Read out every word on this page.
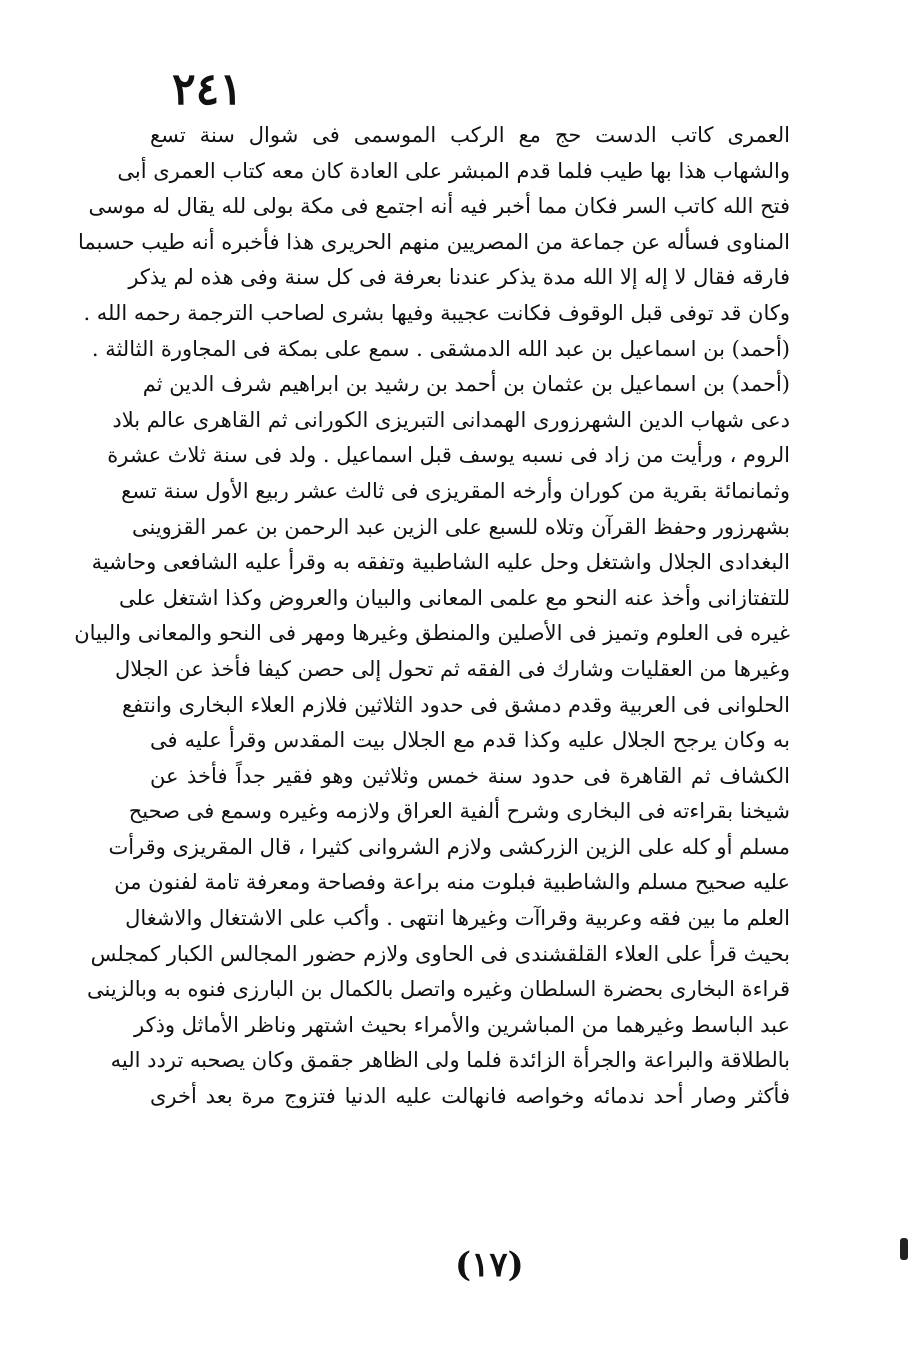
٢٤١
العمرى كاتب الدست حج مع الركب الموسمى فى شوال سنة تسع
والشهاب هذا بها طيب فلما قدم المبشر على العادة كان معه كتاب العمرى أبى
فتح الله كاتب السر فكان مما أخبر فيه أنه اجتمع فى مكة بولى لله يقال له موسى
المناوى فسأله عن جماعة من المصريين منهم الحريرى هذا فأخبره أنه طيب حسبما
فارقه فقال لا إله إلا الله مدة يذكر عندنا بعرفة فى كل سنة وفى هذه لم يذكر
وكان قد توفى قبل الوقوف فكانت عجيبة وفيها بشرى لصاحب الترجمة رحمه الله .
(أحمد) بن اسماعيل بن عبد الله الدمشقى . سمع على بمكة فى المجاورة الثالثة .
(أحمد) بن اسماعيل بن عثمان بن أحمد بن رشيد بن ابراهيم شرف الدين ثم
دعى شهاب الدين الشهرزورى الهمدانى التبريزى الكورانى ثم القاهرى عالم بلاد
الروم ، ورأيت من زاد فى نسبه يوسف قبل اسماعيل . ولد فى سنة ثلاث عشرة
وثمانمائة بقرية من كوران وأرخه المقريزى فى ثالث عشر ربيع الأول سنة تسع
بشهرزور وحفظ القرآن وتلاه للسبع على الزين عبد الرحمن بن عمر القزوينى
البغدادى الجلال واشتغل وحل عليه الشاطبية وتفقه به وقرأ عليه الشافعى وحاشية
للتفتازانى وأخذ عنه النحو مع علمى المعانى والبيان والعروض وكذا اشتغل على
غيره فى العلوم وتميز فى الأصلين والمنطق وغيرها ومهر فى النحو والمعانى والبيان
وغيرها من العقليات وشارك فى الفقه ثم تحول إلى حصن كيفا فأخذ عن الجلال
الحلوانى فى العربية وقدم دمشق فى حدود الثلاثين فلازم العلاء البخارى وانتفع
به وكان يرجح الجلال عليه وكذا قدم مع الجلال بيت المقدس وقرأ عليه فى
الكشاف ثم القاهرة فى حدود سنة خمس وثلاثين وهو فقير جداً فأخذ عن
شيخنا بقراءته فى البخارى وشرح ألفية العراق ولازمه وغيره وسمع فى صحيح
مسلم أو كله على الزين الزركشى ولازم الشروانى كثيرا ، قال المقريزى وقرأت
عليه صحيح مسلم والشاطبية فبلوت منه براعة وفصاحة ومعرفة تامة لفنون من
العلم ما بين فقه وعربية وقراآت وغيرها انتهى . وأكب على الاشتغال والاشغال
بحيث قرأ على العلاء القلقشندى فى الحاوى ولازم حضور المجالس الكبار كمجلس
قراءة البخارى بحضرة السلطان وغيره واتصل بالكمال بن البارزى فنوه به وبالزينى
عبد الباسط وغيرهما من المباشرين والأمراء بحيث اشتهر وناظر الأماثل وذكر
بالطلاقة والبراعة والجرأة الزائدة فلما ولى الظاهر جقمق وكان يصحبه تردد اليه
فأكثر وصار أحد ندمائه وخواصه فانهالت عليه الدنيا فتزوج مرة بعد أخرى
(١٧)
